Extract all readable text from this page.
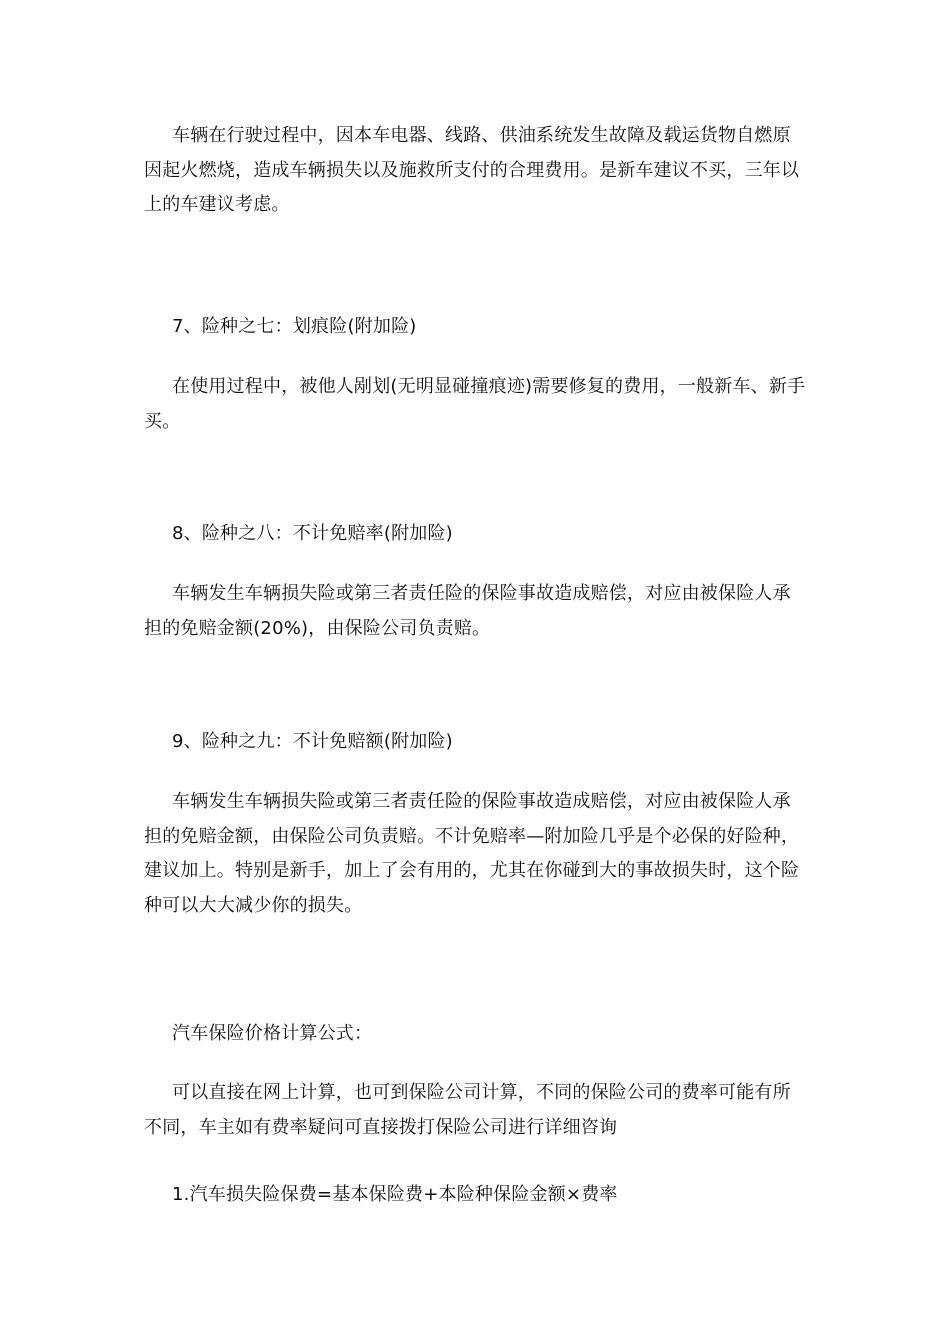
车辆在行驶过程中，因本车电器、线路、供油系统发生故障及载运货物自燃原因起火燃烧，造成车辆损失以及施救所支付的合理费用。是新车建议不买，三年以上的车建议考虑。

7、险种之七：划痕险(附加险)

在使用过程中，被他人剐划(无明显碰撞痕迹)需要修复的费用，一般新车、新手买。

8、险种之八：不计免赔率(附加险)

车辆发生车辆损失险或第三者责任险的保险事故造成赔偿，对应由被保险人承担的免赔金额(20%)，由保险公司负责赔。

9、险种之九：不计免赔额(附加险)

车辆发生车辆损失险或第三者责任险的保险事故造成赔偿，对应由被保险人承担的免赔金额，由保险公司负责赔。不计免赔率—附加险几乎是个必保的好险种，建议加上。特别是新手，加上了会有用的，尤其在你碰到大的事故损失时，这个险种可以大大减少你的损失。

汽车保险价格计算公式：

可以直接在网上计算，也可到保险公司计算，不同的保险公司的费率可能有所不同，车主如有费率疑问可直接拨打保险公司进行详细咨询

1.汽车损失险保费=基本保险费+本险种保险金额×费率
